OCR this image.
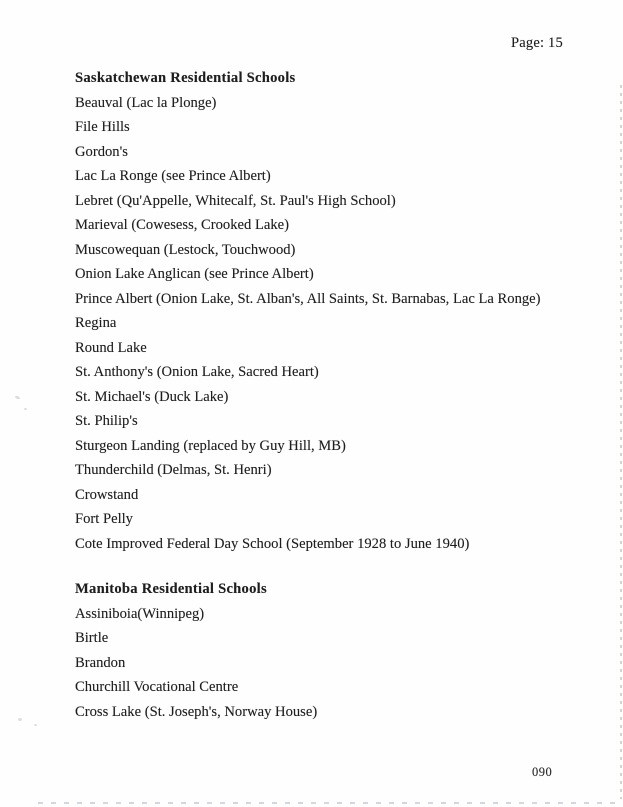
Page: 15
Saskatchewan Residential Schools
Beauval (Lac la Plonge)
File Hills
Gordon's
Lac La Ronge (see Prince Albert)
Lebret (Qu'Appelle, Whitecalf, St. Paul's High School)
Marieval (Cowesess, Crooked Lake)
Muscowequan (Lestock, Touchwood)
Onion Lake Anglican (see Prince Albert)
Prince Albert (Onion Lake, St. Alban's, All Saints, St. Barnabas, Lac La Ronge)
Regina
Round Lake
St. Anthony's (Onion Lake, Sacred Heart)
St. Michael's (Duck Lake)
St. Philip's
Sturgeon Landing (replaced by Guy Hill, MB)
Thunderchild (Delmas, St. Henri)
Crowstand
Fort Pelly
Cote Improved Federal Day School (September 1928 to June 1940)
Manitoba Residential Schools
Assiniboia(Winnipeg)
Birtle
Brandon
Churchill Vocational Centre
Cross Lake (St. Joseph's, Norway House)
090
